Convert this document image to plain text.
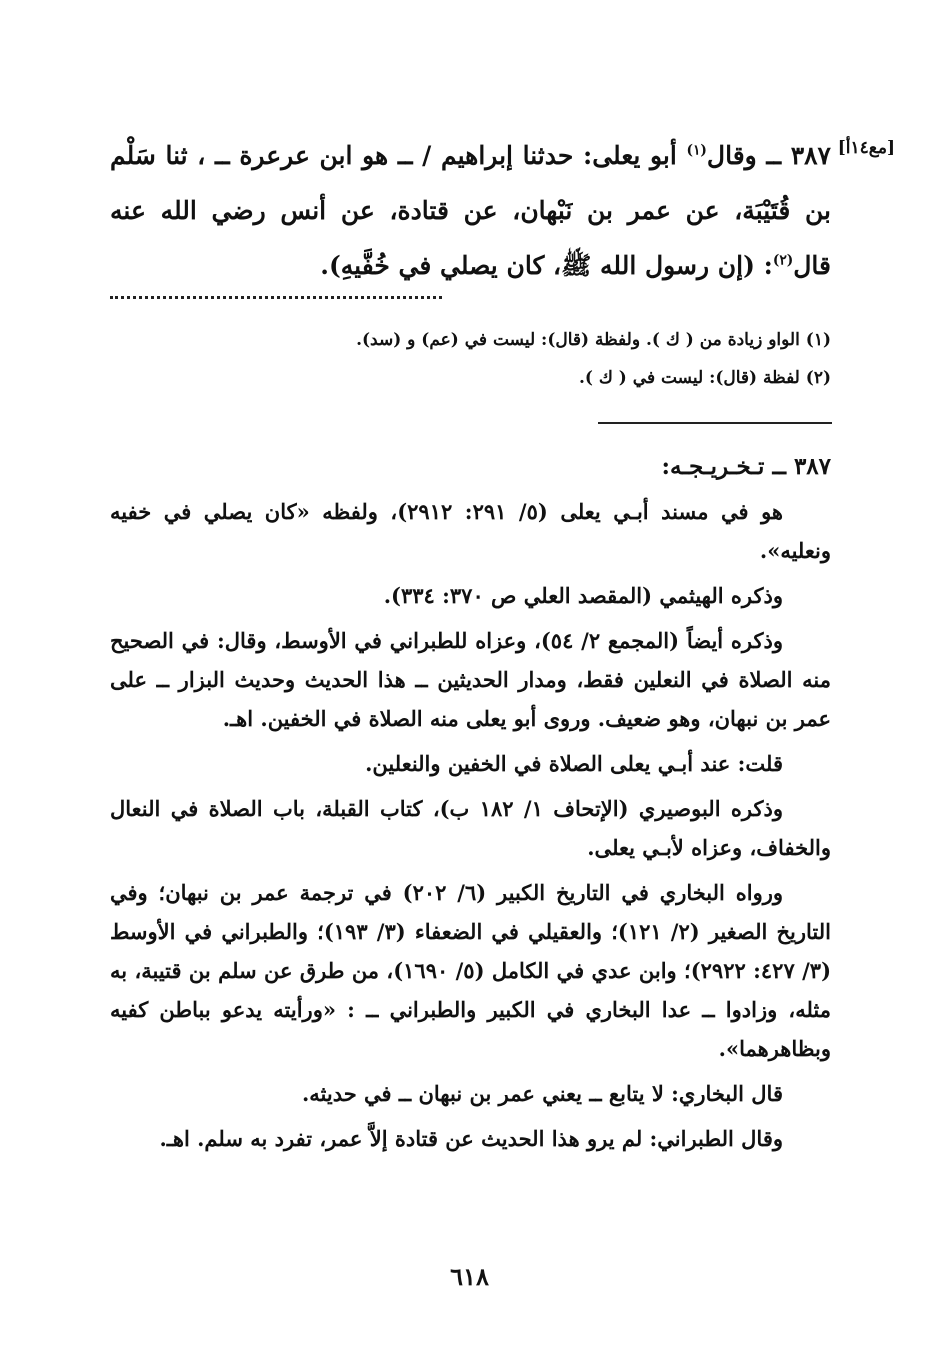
[مع١٤أ]
٣٨٧ ــ وقال$^{(١)}$ أبو يعلى: حدثنا إبراهيم / ــ هو ابن عرعرة ــ ، ثنا سَلْم بن قُتَيْبَة، عن عمر بن نَبْهان، عن قتادة، عن أنس رضي الله عنه قال$^{(٢)}$: (إن رسول الله ﷺ، كان يصلي في خُفَّيهِ).
(١) الواو زيادة من ( ك ). ولفظة (قال): ليست في (عم) و (سد).
(٢) لفظة (قال): ليست في ( ك ).
٣٨٧ ــ تـخـريـجـه:

هو في مسند أبـي يعلى (٥/ ٢٩١: ٢٩١٢)، ولفظه «كان يصلي في خفيه ونعليه».

وذكره الهيثمي (المقصد العلي ص ٣٧٠: ٣٣٤).

وذكره أيضاً (المجمع ٢/ ٥٤)، وعزاه للطبراني في الأوسط، وقال: في الصحيح منه الصلاة في النعلين فقط، ومدار الحديثين ــ هذا الحديث وحديث البزار ــ على عمر بن نبهان، وهو ضعيف. وروى أبو يعلى منه الصلاة في الخفين. اهـ.

قلت: عند أبـي يعلى الصلاة في الخفين والنعلين.

وذكره البوصيري (الإتحاف ١/ ١٨٢ ب)، كتاب القبلة، باب الصلاة في النعال والخفاف، وعزاه لأبـي يعلى.

ورواه البخاري في التاريخ الكبير (٦/ ٢٠٢) في ترجمة عمر بن نبهان؛ وفي التاريخ الصغير (٢/ ١٢١)؛ والعقيلي في الضعفاء (٣/ ١٩٣)؛ والطبراني في الأوسط (٣/ ٤٢٧: ٢٩٢٢)؛ وابن عدي في الكامل (٥/ ١٦٩٠)، من طرق عن سلم بن قتيبة، به مثله، وزادوا ــ عدا البخاري في الكبير والطبراني ــ : «ورأيته يدعو بباطن كفيه وبظاهرهما».

قال البخاري: لا يتابع ــ يعني عمر بن نبهان ــ في حديثه.

وقال الطبراني: لم يرو هذا الحديث عن قتادة إلاَّ عمر، تفرد به سلم. اهـ.

٦١٨
